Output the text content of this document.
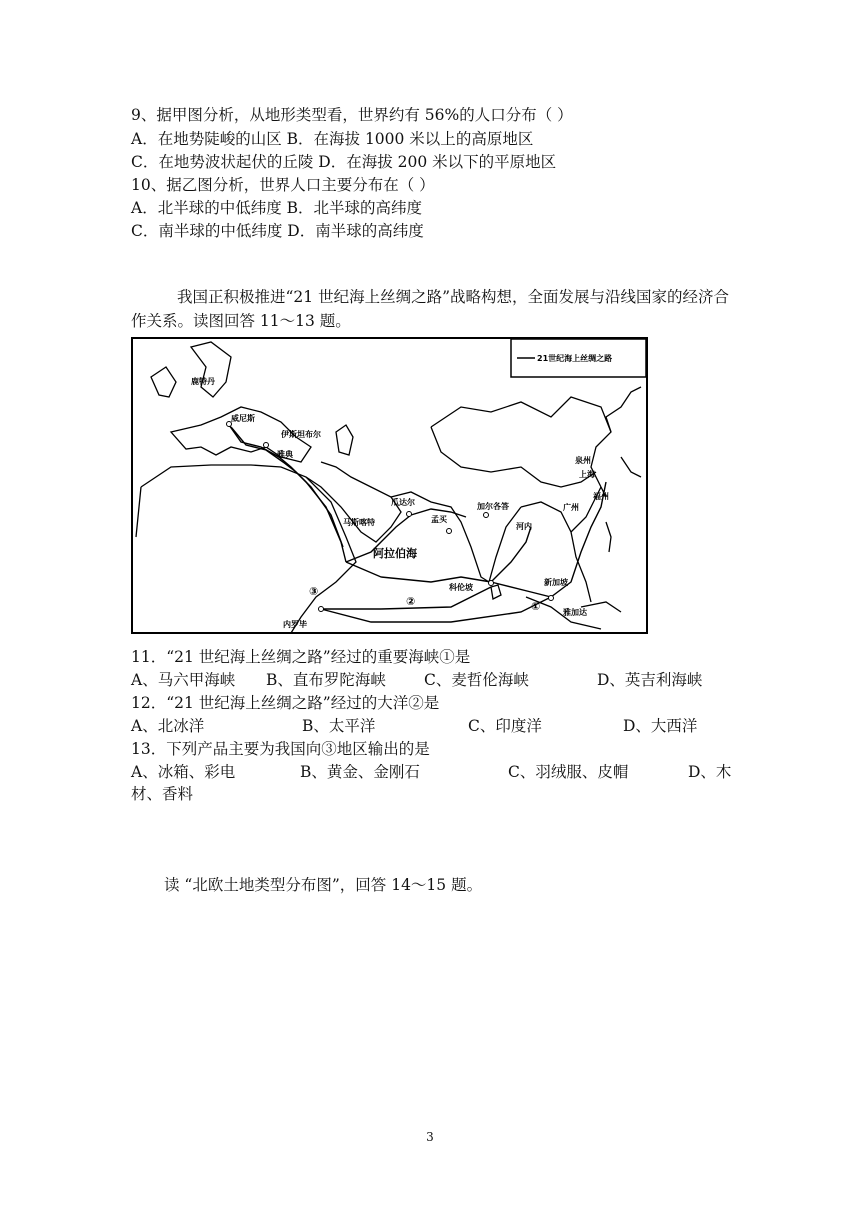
9、据甲图分析，从地形类型看，世界约有 56%的人口分布（ ）
A．在地势陡峻的山区 B．在海拔 1000 米以上的高原地区
C．在地势波状起伏的丘陵 D．在海拔 200 米以下的平原地区
10、据乙图分析，世界人口主要分布在（ ）
A．北半球的中低纬度 B．北半球的高纬度
C．南半球的中低纬度 D．南半球的高纬度
我国正积极推进“21 世纪海上丝绸之路”战略构想，全面发展与沿线国家的经济合作关系。读图回答 11～13 题。
21世纪海上丝绸之路
鹿特丹
威尼斯
伊斯坦布尔
雅典
瓜达尔
马斯喀特	孟买
加尔各答
科伦坡
阿拉伯海
内罗毕
河内
广州
福州
上海
泉州
新加坡
雅加达
①
②
③
11．“21 世纪海上丝绸之路”经过的重要海峡①是
A、马六甲海峡 B、直布罗陀海峡 C、麦哲伦海峡	D、英吉利海峡
12．“21 世纪海上丝绸之路”经过的大洋②是
A、北冰洋	B、太平洋	C、印度洋	D、大西洋
13．下列产品主要为我国向③地区输出的是
A、冰箱、彩电	B、黄金、金刚石	C、羽绒服、皮帽	D、木
材、香料
读 “北欧土地类型分布图”，回答 14～15 题。
3
